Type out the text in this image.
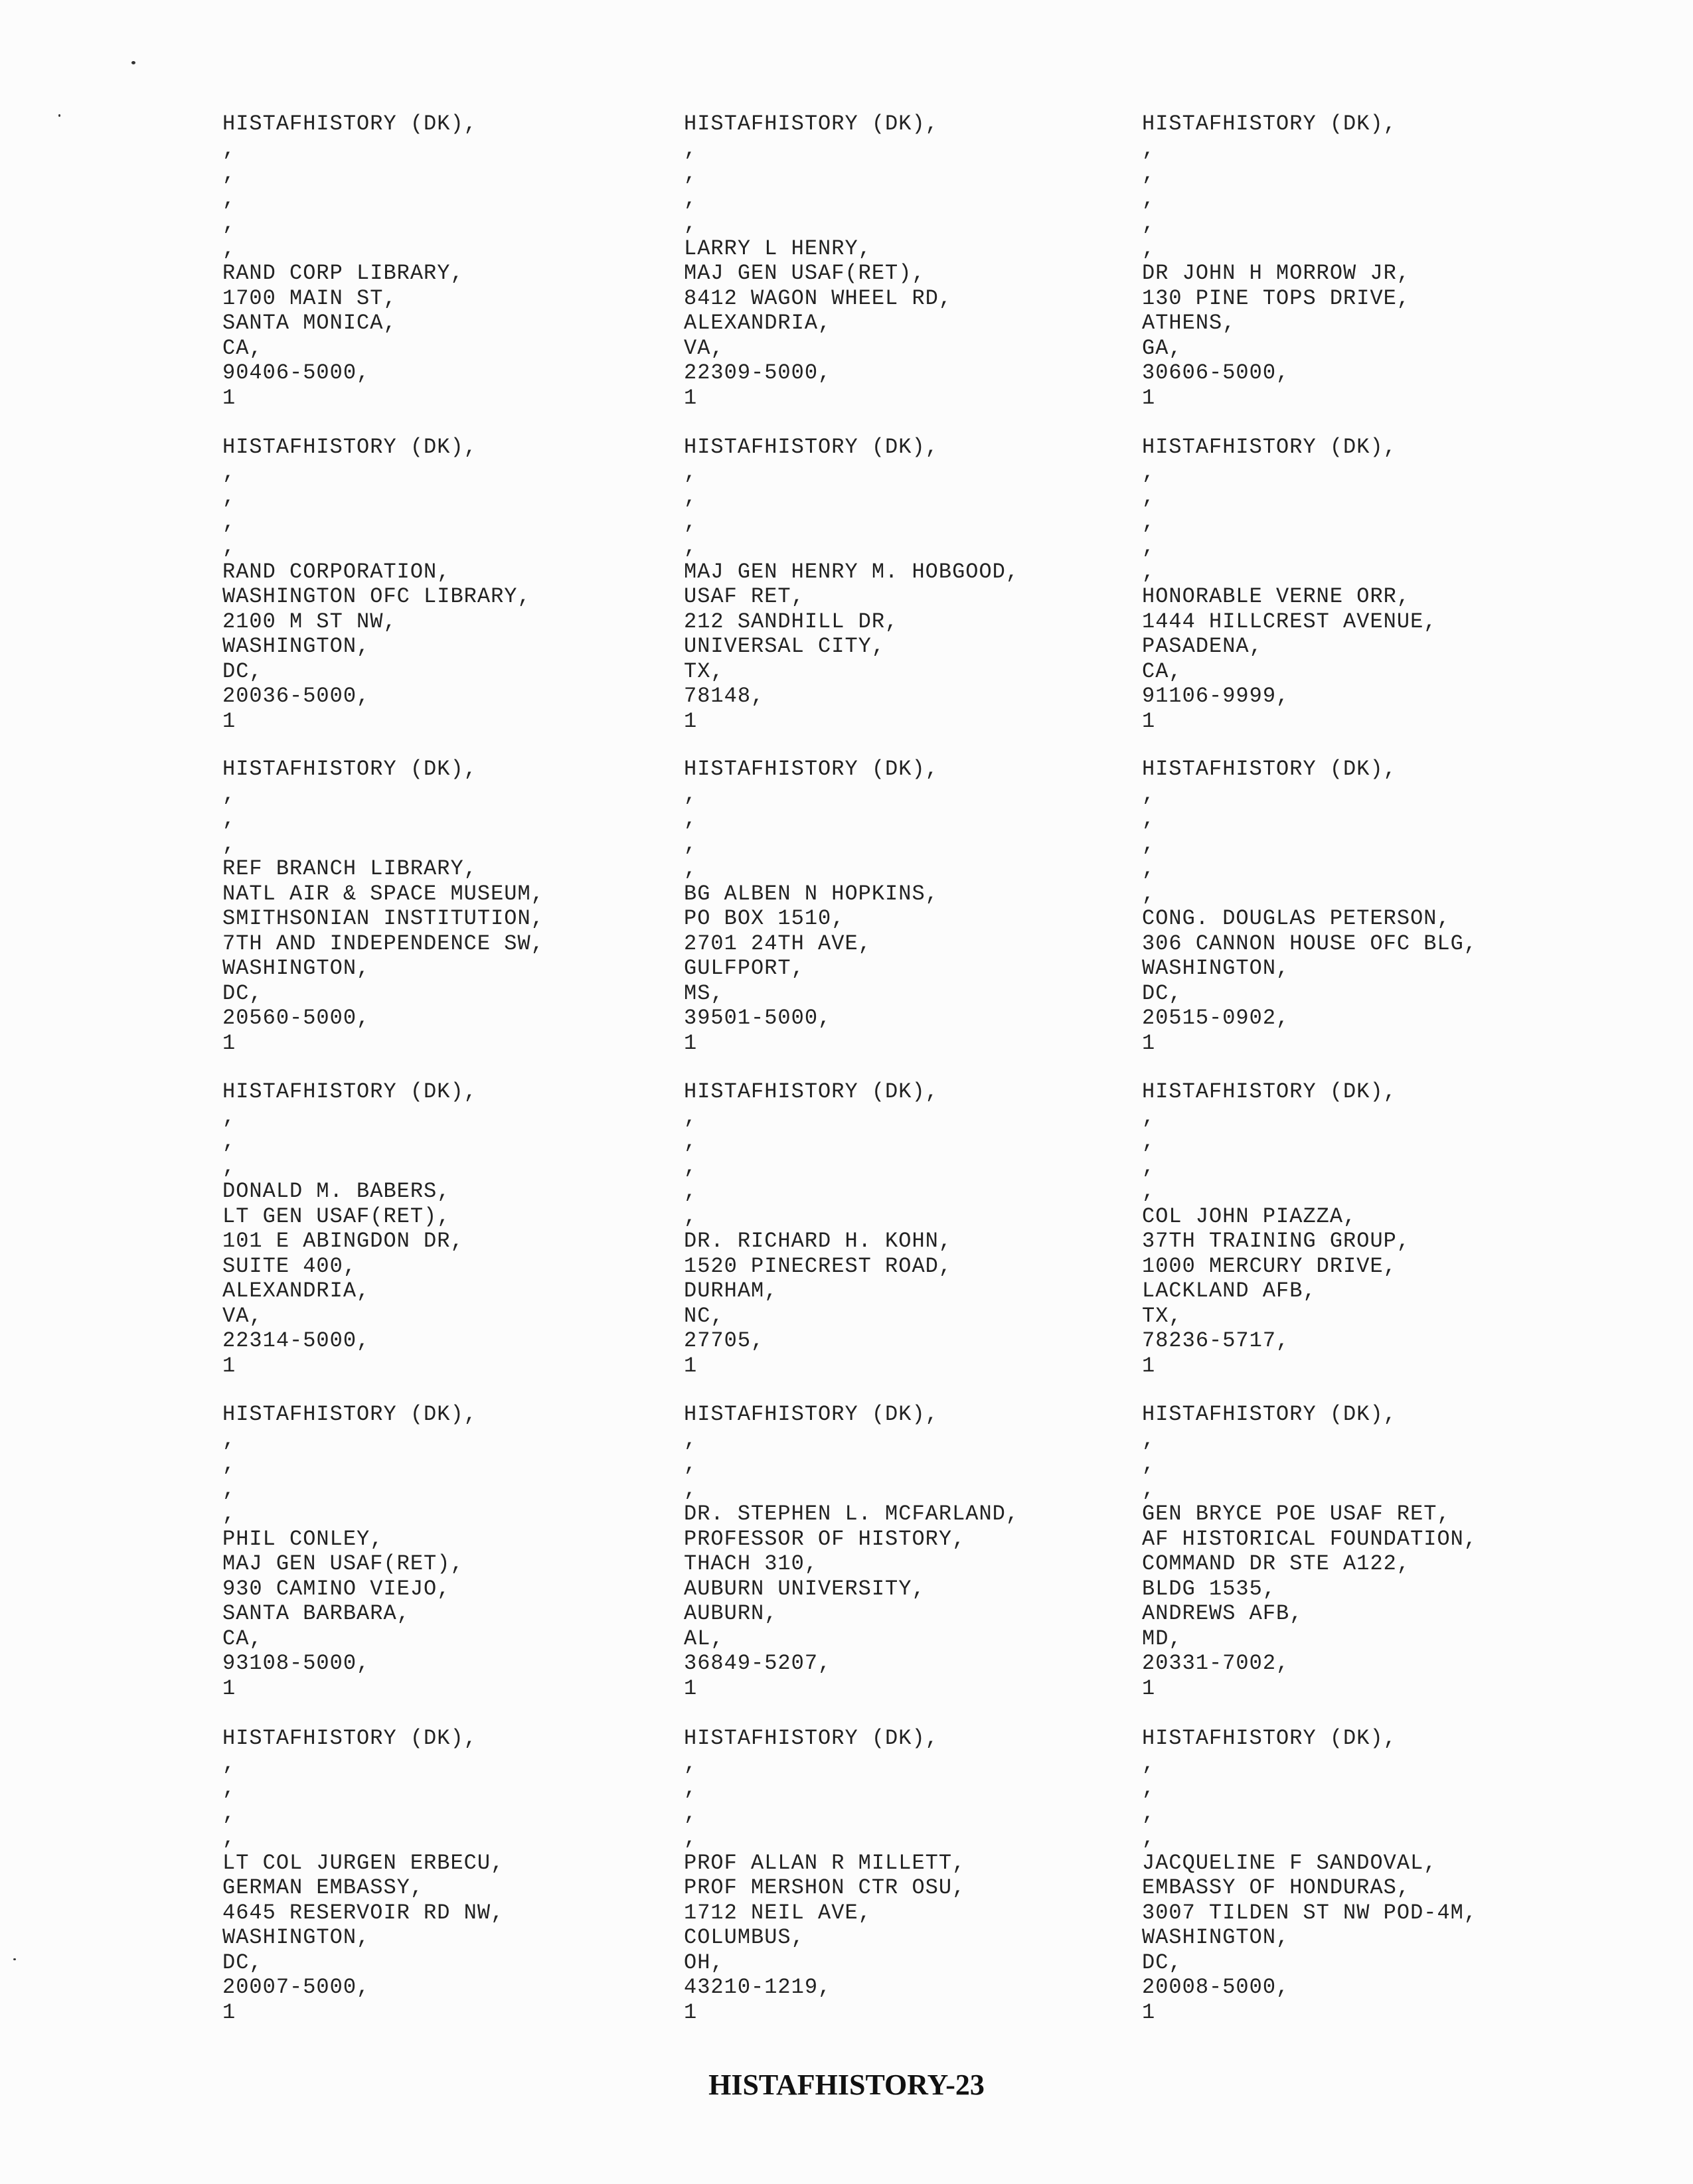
HISTAFHISTORY (DK),
,
,
,
,
,
RAND CORP LIBRARY,
1700 MAIN ST,
SANTA MONICA,
CA,
90406-5000,
1
HISTAFHISTORY (DK),
,
,
,
,
LARRY L HENRY,
MAJ GEN USAF(RET),
8412 WAGON WHEEL RD,
ALEXANDRIA,
VA,
22309-5000,
1
HISTAFHISTORY (DK),
,
,
,
,
,
DR JOHN H MORROW JR,
130 PINE TOPS DRIVE,
ATHENS,
GA,
30606-5000,
1
HISTAFHISTORY (DK),
,
,
,
,
RAND CORPORATION,
WASHINGTON OFC LIBRARY,
2100 M ST NW,
WASHINGTON,
DC,
20036-5000,
1
HISTAFHISTORY (DK),
,
,
,
,
MAJ GEN HENRY M. HOBGOOD,
USAF RET,
212 SANDHILL DR,
UNIVERSAL CITY,
TX,
78148,
1
HISTAFHISTORY (DK),
,
,
,
,
,
HONORABLE VERNE ORR,
1444 HILLCREST AVENUE,
PASADENA,
CA,
91106-9999,
1
HISTAFHISTORY (DK),
,
,
,
REF BRANCH LIBRARY,
NATL AIR & SPACE MUSEUM,
SMITHSONIAN INSTITUTION,
7TH AND INDEPENDENCE SW,
WASHINGTON,
DC,
20560-5000,
1
HISTAFHISTORY (DK),
,
,
,
,
BG ALBEN N HOPKINS,
PO BOX 1510,
2701 24TH AVE,
GULFPORT,
MS,
39501-5000,
1
HISTAFHISTORY (DK),
,
,
,
,
,
CONG. DOUGLAS PETERSON,
306 CANNON HOUSE OFC BLG,
WASHINGTON,
DC,
20515-0902,
1
HISTAFHISTORY (DK),
,
,
,
DONALD M. BABERS,
LT GEN USAF(RET),
101 E ABINGDON DR,
SUITE 400,
ALEXANDRIA,
VA,
22314-5000,
1
HISTAFHISTORY (DK),
,
,
,
,
,
DR. RICHARD H. KOHN,
1520 PINECREST ROAD,
DURHAM,
NC,
27705,
1
HISTAFHISTORY (DK),
,
,
,
,
COL JOHN PIAZZA,
37TH TRAINING GROUP,
1000 MERCURY DRIVE,
LACKLAND AFB,
TX,
78236-5717,
1
HISTAFHISTORY (DK),
,
,
,
,
PHIL CONLEY,
MAJ GEN USAF(RET),
930 CAMINO VIEJO,
SANTA BARBARA,
CA,
93108-5000,
1
HISTAFHISTORY (DK),
,
,
,
DR. STEPHEN L. MCFARLAND,
PROFESSOR OF HISTORY,
THACH 310,
AUBURN UNIVERSITY,
AUBURN,
AL,
36849-5207,
1
HISTAFHISTORY (DK),
,
,
,
GEN BRYCE POE USAF RET,
AF HISTORICAL FOUNDATION,
COMMAND DR STE A122,
BLDG 1535,
ANDREWS AFB,
MD,
20331-7002,
1
HISTAFHISTORY (DK),
,
,
,
,
LT COL JURGEN ERBECU,
GERMAN EMBASSY,
4645 RESERVOIR RD NW,
WASHINGTON,
DC,
20007-5000,
1
HISTAFHISTORY (DK),
,
,
,
,
PROF ALLAN R MILLETT,
PROF MERSHON CTR OSU,
1712 NEIL AVE,
COLUMBUS,
OH,
43210-1219,
1
HISTAFHISTORY (DK),
,
,
,
,
JACQUELINE F SANDOVAL,
EMBASSY OF HONDURAS,
3007 TILDEN ST NW POD-4M,
WASHINGTON,
DC,
20008-5000,
1
HISTAFHISTORY-23
